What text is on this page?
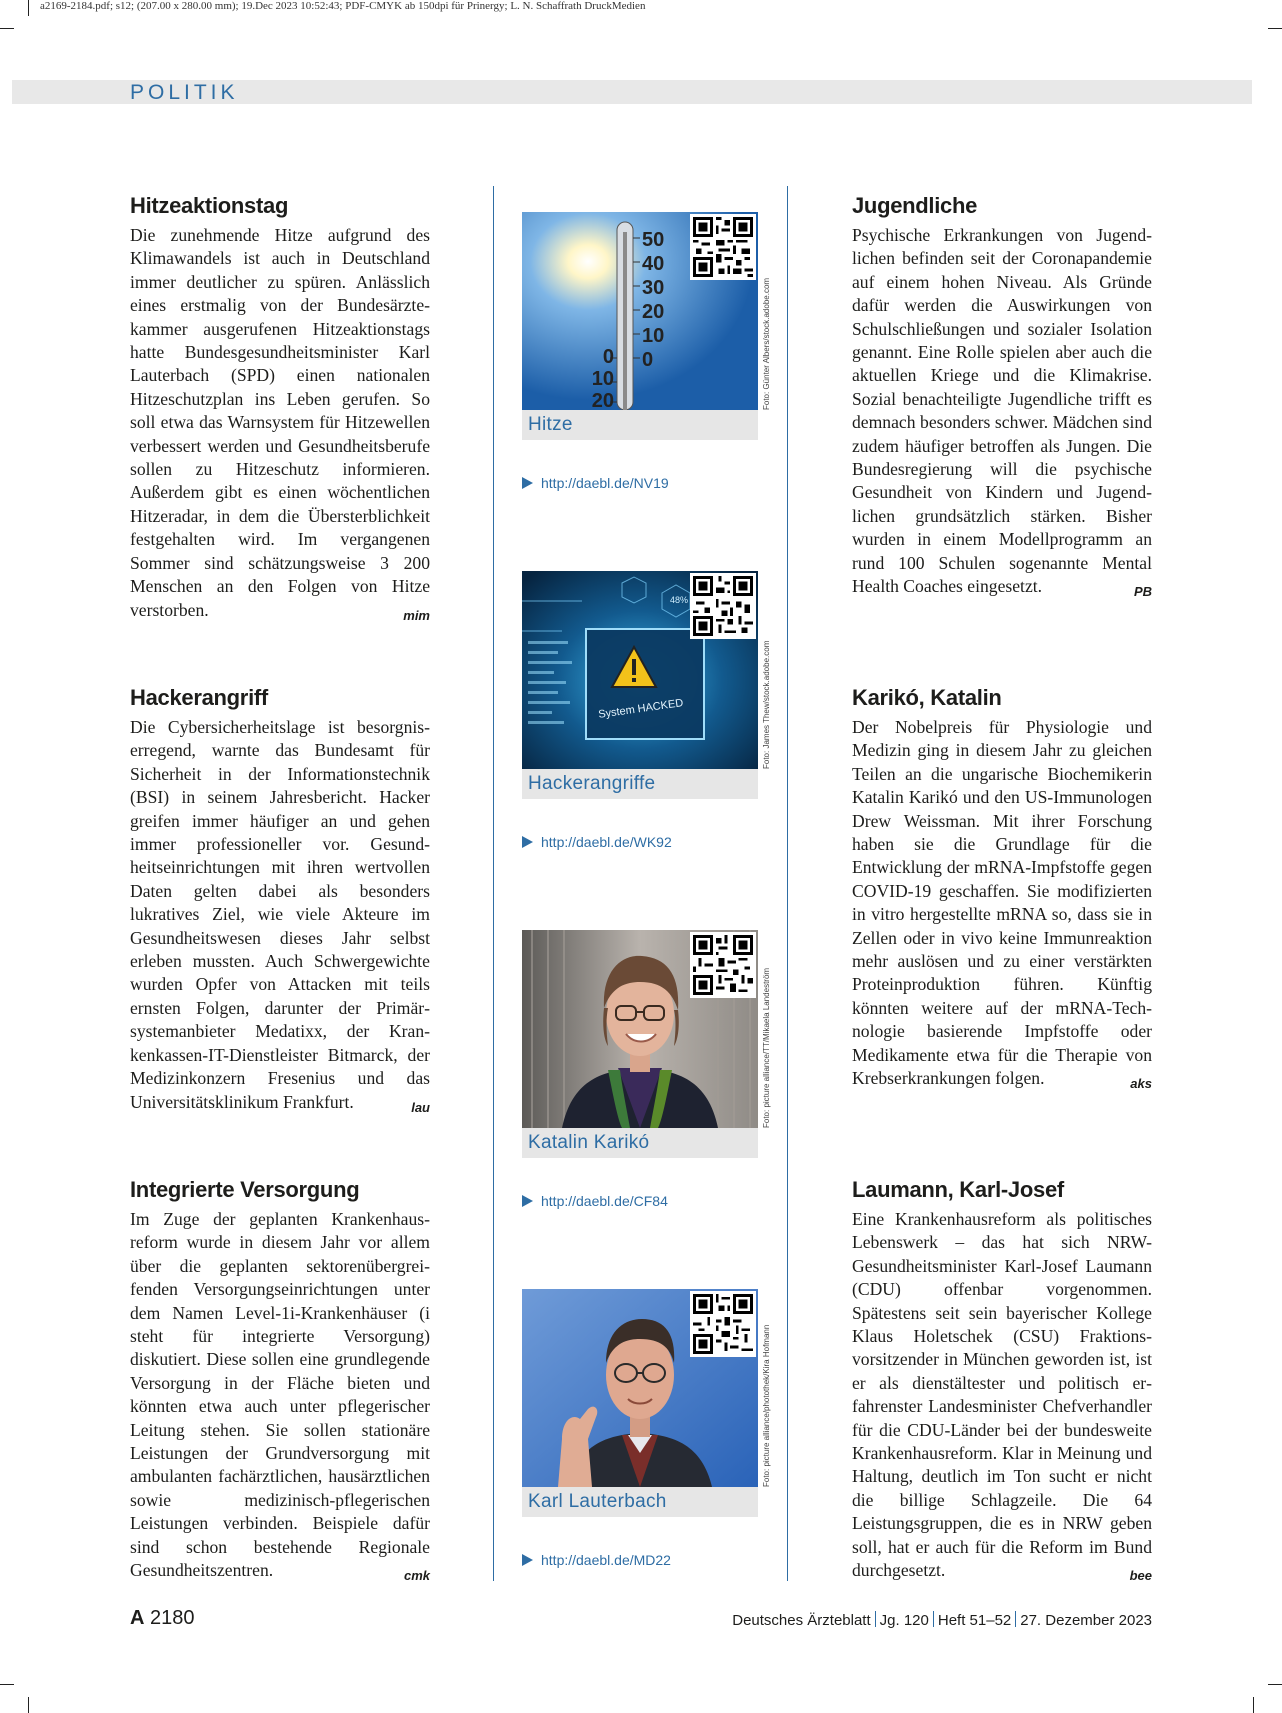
a2169-2184.pdf; s12; (207.00 x 280.00 mm); 19.Dec 2023 10:52:43; PDF-CMYK ab 150dpi für Prinergy; L. N. Schaffrath DruckMedien
POLITIK
Hitzeaktionstag

Die zunehmende Hitze aufgrund des Klimawandels ist auch in Deutschland immer deutlicher zu spüren. Anlässlich eines erstmalig von der Bundesärztekammer ausgerufenen Hitzeaktionstags hatte Bundesgesundheitsminister Karl Lauterbach (SPD) einen nationalen Hitzeschutzplan ins Leben gerufen. So soll etwa das Warnsystem für Hitzewellen verbessert werden und Gesundheitsberufe sollen zu Hitzeschutz informieren. Außerdem gibt es einen wöchentlichen Hitzeradar, in dem die Übersterblichkeit festgehalten wird. Im vergangenen Sommer sind schätzungsweise 3 200 Menschen an den Folgen von Hitze verstorben.	mim

Hackerangriff

Die Cybersicherheitslage ist besorgniserregend, warnte das Bundesamt für Sicherheit in der Informationstechnik (BSI) in seinem Jahresbericht. Hacker greifen immer häufiger an und gehen immer professioneller vor. Gesundheitseinrichtungen mit ihren wertvollen Daten gelten dabei als besonders lukratives Ziel, wie viele Akteure im Gesundheitswesen dieses Jahr selbst erleben mussten. Auch Schwergewichte wurden Opfer von Attacken mit teils ernsten Folgen, darunter der Primärsystemanbieter Medatixx, der Krankenkassen-IT-Dienstleister Bitmarck, der Medizinkonzern Fresenius und das Universitätsklinikum Frankfurt.	lau

Integrierte Versorgung

Im Zuge der geplanten Krankenhausreform wurde in diesem Jahr vor allem über die geplanten sektorenübergreifenden Versorgungseinrichtungen unter dem Namen Level-1i-Krankenhäuser (i steht für integrierte Versorgung) diskutiert. Diese sollen eine grundlegende Versorgung in der Fläche bieten und könnten etwa auch unter pflegerischer Leitung stehen. Sie sollen stationäre Leistungen der Grundversorgung mit ambulanten fachärztlichen, hausärztlichen sowie medizinisch-pflegerischen Leistungen verbinden. Beispiele dafür sind schon bestehende Regionale Gesundheitszentren.	cmk

Jugendliche

Psychische Erkrankungen von Jugendlichen befinden seit der Coronapandemie auf einem hohen Niveau. Als Gründe dafür werden die Auswirkungen von Schulschließungen und sozialer Isolation genannt. Eine Rolle spielen aber auch die aktuellen Kriege und die Klimakrise. Sozial benachteiligte Jugendliche trifft es demnach besonders schwer. Mädchen sind zudem häufiger betroffen als Jungen. Die Bundesregierung will die psychische Gesundheit von Kindern und Jugendlichen grundsätzlich stärken. Bisher wurden in einem Modellprogramm an rund 100 Schulen sogenannte Mental Health Coaches eingesetzt.	PB

Karikó, Katalin

Der Nobelpreis für Physiologie und Medizin ging in diesem Jahr zu gleichen Teilen an die ungarische Biochemikerin Katalin Karikó und den US-Immunologen Drew Weissman. Mit ihrer Forschung haben sie die Grundlage für die Entwicklung der mRNA-Impfstoffe gegen COVID-19 geschaffen. Sie modifizierten in vitro hergestellte mRNA so, dass sie in Zellen oder in vivo keine Immunreaktion mehr auslösen und zu einer verstärkten Proteinproduktion führen. Künftig könnten weitere auf der mRNA-Technologie basierende Impfstoffe oder Medikamente etwa für die Therapie von Krebserkrankungen folgen.	aks

Laumann, Karl-Josef

Eine Krankenhausreform als politisches Lebenswerk – das hat sich NRW-Gesundheitsminister Karl-Josef Laumann (CDU) offenbar vorgenommen. Spätestens seit sein bayerischer Kollege Klaus Holetschek (CSU) Fraktionsvorsitzender in München geworden ist, ist er als dienstältester und politisch erfahrenster Landesminister Chefverhandler für die CDU-Länder bei der bundesweite Krankenhausreform. Klar in Meinung und Haltung, deutlich im Ton sucht er nicht die billige Schlagzeile. Die 64 Leistungsgruppen, die es in NRW geben soll, hat er auch für die Reform im Bund durchgesetzt.	bee

50
40
30
20
10
0
0
10
20	Foto: Günter Albers/stock.adobe.com
Hitze
http://daebl.de/NV19
System HACKED
48%
Foto: James Thew/stock.adobe.com
Hackerangriffe
http://daebl.de/WK92
Foto: picture alliance/TT/Mikaela Landeström
Katalin Karikó
http://daebl.de/CF84
Foto: picture alliance/photothek/Kira Hofmann
Karl Lauterbach
http://daebl.de/MD22
A 2180	Deutsches Ärzteblatt Jg. 120 Heft 51–52 27. Dezember 2023
